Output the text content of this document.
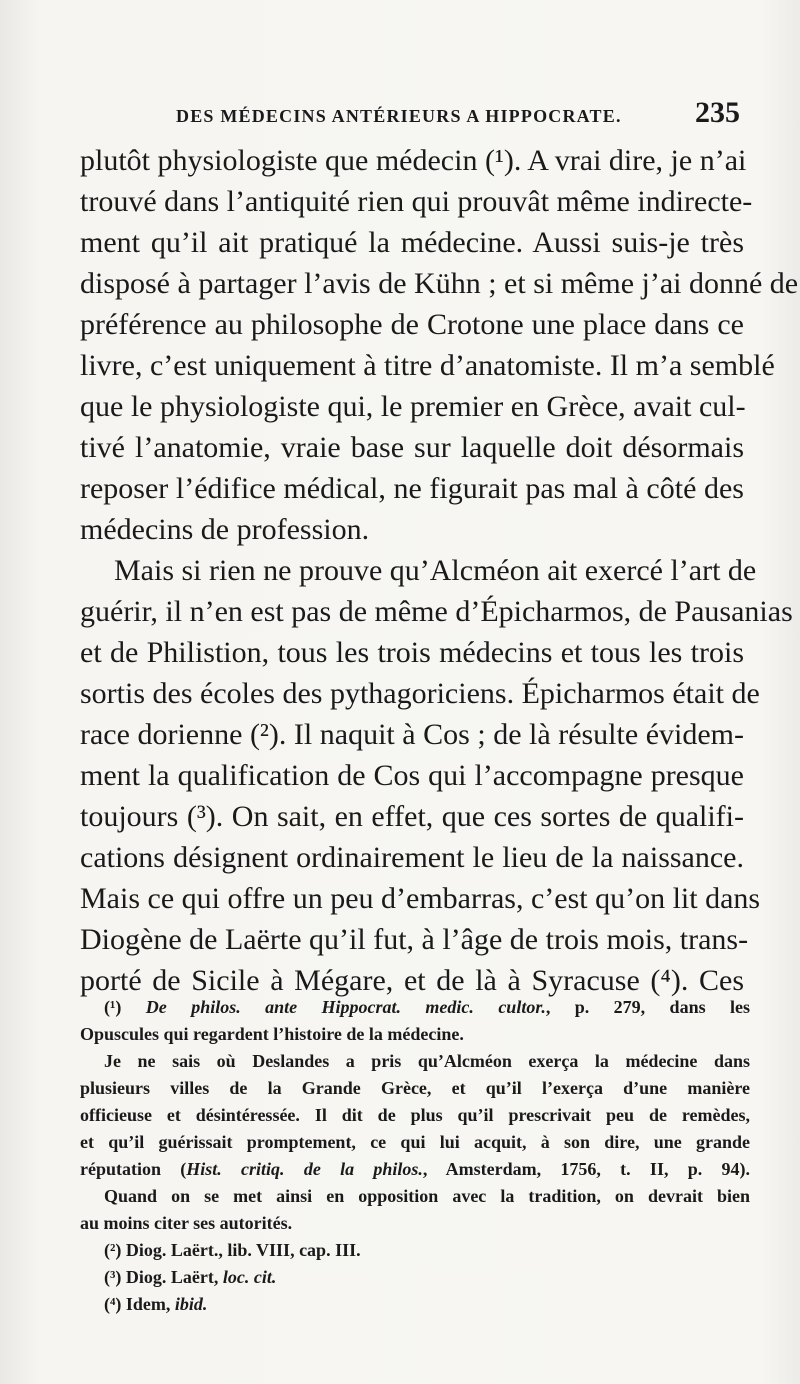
DES MÉDECINS ANTÉRIEURS A HIPPOCRATE. 235
plutôt physiologiste que médecin (¹). A vrai dire, je n’ai
trouvé dans l’antiquité rien qui prouvât même indirecte-
ment qu’il ait pratiqué la médecine. Aussi suis-je très
disposé à partager l’avis de Kühn ; et si même j’ai donné de
préférence au philosophe de Crotone une place dans ce
livre, c’est uniquement à titre d’anatomiste. Il m’a semblé
que le physiologiste qui, le premier en Grèce, avait cul-
tivé l’anatomie, vraie base sur laquelle doit désormais
reposer l’édifice médical, ne figurait pas mal à côté des
médecins de profession.
Mais si rien ne prouve qu’Alcméon ait exercé l’art de
guérir, il n’en est pas de même d’Épicharmos, de Pausanias
et de Philistion, tous les trois médecins et tous les trois
sortis des écoles des pythagoriciens. Épicharmos était de
race dorienne (²). Il naquit à Cos ; de là résulte évidem-
ment la qualification de Cos qui l’accompagne presque
toujours (³). On sait, en effet, que ces sortes de qualifi-
cations désignent ordinairement le lieu de la naissance.
Mais ce qui offre un peu d’embarras, c’est qu’on lit dans
Diogène de Laërte qu’il fut, à l’âge de trois mois, trans-
porté de Sicile à Mégare, et de là à Syracuse (⁴). Ces
(¹) De philos. ante Hippocrat. medic. cultor., p. 279, dans les
Opuscules qui regardent l’histoire de la médecine.
Je ne sais où Deslandes a pris qu’Alcméon exerça la médecine dans
plusieurs villes de la Grande Grèce, et qu’il l’exerça d’une manière
officieuse et désintéressée. Il dit de plus qu’il prescrivait peu de remèdes,
et qu’il guérissait promptement, ce qui lui acquit, à son dire, une grande
réputation (Hist. critiq. de la philos., Amsterdam, 1756, t. II, p. 94).
Quand on se met ainsi en opposition avec la tradition, on devrait bien
au moins citer ses autorités.
(²) Diog. Laërt., lib. VIII, cap. III.
(³) Diog. Laërt, loc. cit.
(⁴) Idem, ibid.
